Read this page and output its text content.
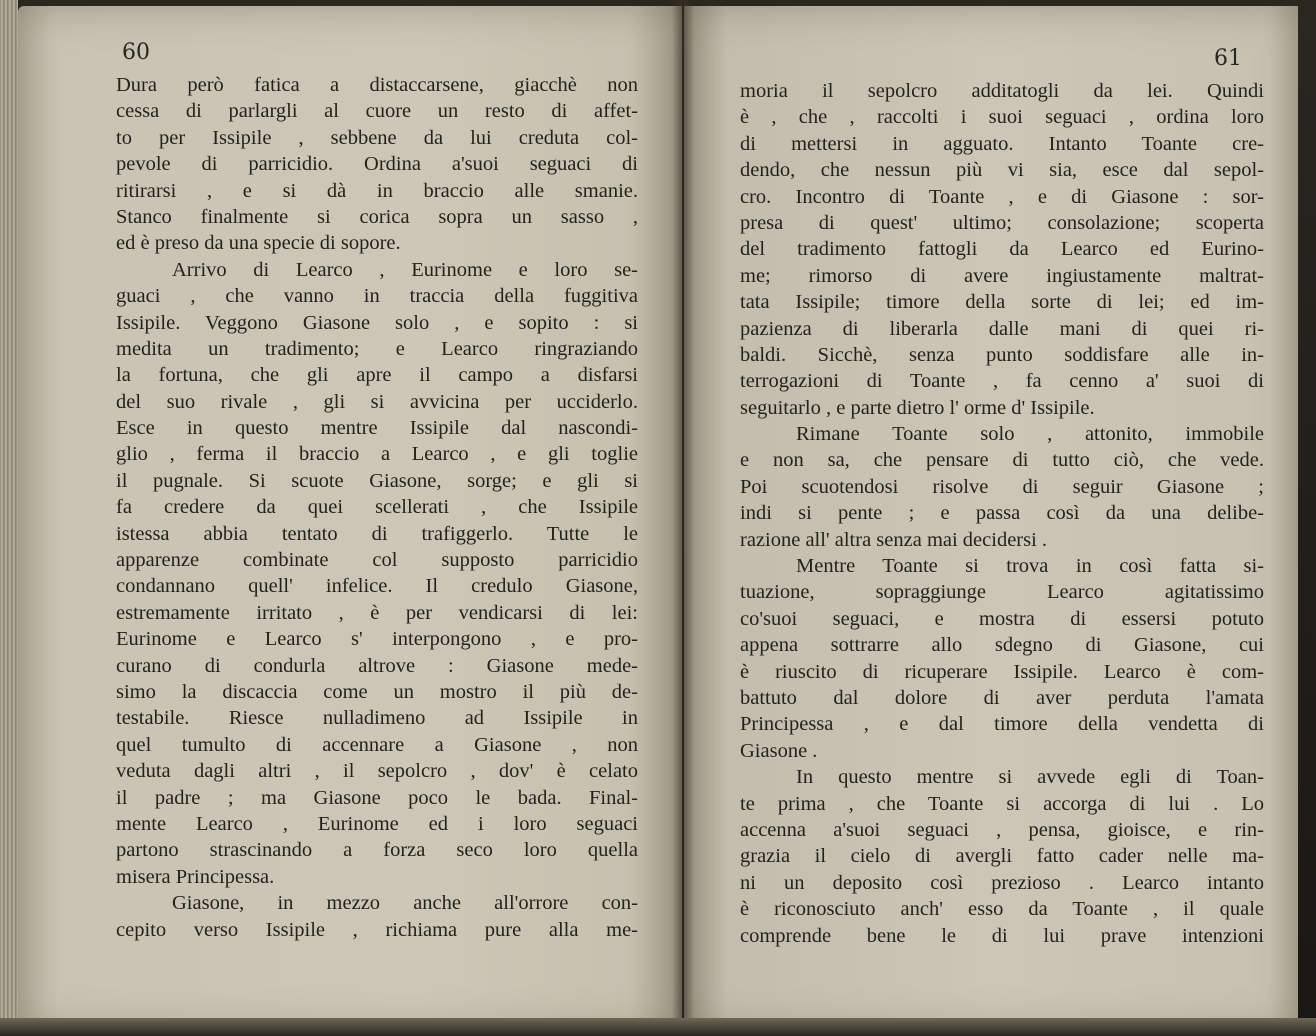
60	61
Dura però fatica a distaccarsene, giacchè non
cessa di parlargli al cuore un resto di affet-
to per Issipile , sebbene da lui creduta col-
pevole di parricidio. Ordina a'suoi seguaci di
ritirarsi , e si dà in braccio alle smanie.
Stanco finalmente si corica sopra un sasso ,
ed è preso da una specie di sopore.
Arrivo di Learco , Eurinome e loro se-
guaci , che vanno in traccia della fuggitiva
Issipile. Veggono Giasone solo , e sopito : si
medita un tradimento; e Learco ringraziando
la fortuna, che gli apre il campo a disfarsi
del suo rivale , gli si avvicina per ucciderlo.
Esce in questo mentre Issipile dal nascondi-
glio , ferma il braccio a Learco , e gli toglie
il pugnale. Si scuote Giasone, sorge; e gli si
fa credere da quei scellerati , che Issipile
istessa abbia tentato di trafiggerlo. Tutte le
apparenze combinate col supposto parricidio
condannano quell' infelice. Il credulo Giasone,
estremamente irritato , è per vendicarsi di lei:
Eurinome e Learco s' interpongono , e pro-
curano di condurla altrove : Giasone mede-
simo la discaccia come un mostro il più de-
testabile. Riesce nulladimeno ad Issipile in
quel tumulto di accennare a Giasone , non
veduta dagli altri , il sepolcro , dov' è celato
il padre ; ma Giasone poco le bada. Final-
mente Learco , Eurinome ed i loro seguaci
partono strascinando a forza seco loro quella
misera Principessa.
Giasone, in mezzo anche all'orrore con-
cepito verso Issipile , richiama pure alla me-
moria il sepolcro additatogli da lei. Quindi
è , che , raccolti i suoi seguaci , ordina loro
di mettersi in agguato. Intanto Toante cre-
dendo, che nessun più vi sia, esce dal sepol-
cro. Incontro di Toante , e di Giasone : sor-
presa di quest' ultimo; consolazione; scoperta
del tradimento fattogli da Learco ed Eurino-
me; rimorso di avere ingiustamente maltrat-
tata Issipile; timore della sorte di lei; ed im-
pazienza di liberarla dalle mani di quei ri-
baldi. Sicchè, senza punto soddisfare alle in-
terrogazioni di Toante , fa cenno a' suoi di
seguitarlo , e parte dietro l' orme d' Issipile.
Rimane Toante solo , attonito, immobile
e non sa, che pensare di tutto ciò, che vede.
Poi scuotendosi risolve di seguir Giasone ;
indi si pente ; e passa così da una delibe-
razione all' altra senza mai decidersi .
Mentre Toante si trova in così fatta si-
tuazione, sopraggiunge Learco agitatissimo
co'suoi seguaci, e mostra di essersi potuto
appena sottrarre allo sdegno di Giasone, cui
è riuscito di ricuperare Issipile. Learco è com-
battuto dal dolore di aver perduta l'amata
Principessa , e dal timore della vendetta di
Giasone .
In questo mentre si avvede egli di Toan-
te prima , che Toante si accorga di lui . Lo
accenna a'suoi seguaci , pensa, gioisce, e rin-
grazia il cielo di avergli fatto cader nelle ma-
ni un deposito così prezioso . Learco intanto
è riconosciuto anch' esso da Toante , il quale
comprende bene le di lui prave intenzioni
